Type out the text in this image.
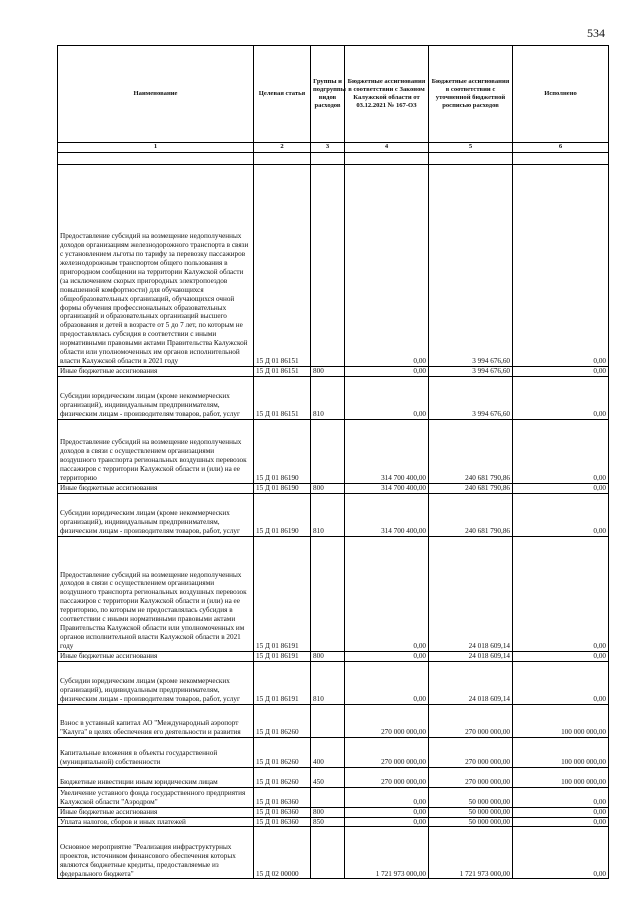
534
Наименование	Целевая статья	Группы и подгруппы видов расходов	Бюджетные ассигнования в соответствии с Законом Калужской области от 03.12.2021 № 167-ОЗ	Бюджетные ассигнования в соответствии с уточненной бюджетной росписью расходов	Исполнено
1	2	3	4	5	6

Предоставление субсидий на возмещение недополученных доходов организациям железнодорожного транспорта в связи с установлением льготы по тарифу за перевозку пассажиров железнодорожным транспортом общего пользования в пригородном сообщении на территории Калужской области (за исключением скорых пригородных электропоездов повышенной комфортности) для обучающихся общеобразовательных организаций, обучающихся очной формы обучения профессиональных образовательных организаций и образовательных организаций высшего образования и детей в возрасте от 5 до 7 лет, по которым не предоставлялась субсидия в соответствии с иными нормативными правовыми актами Правительства Калужской области или уполномоченных им органов исполнительной власти Калужской области в 2021 году	15 Д 01 86151		0,00	3 994 676,60	0,00
Иные бюджетные ассигнования	15 Д 01 86151	800	0,00	3 994 676,60	0,00
Субсидии юридическим лицам (кроме некоммерческих организаций), индивидуальным предпринимателям, физическим лицам - производителям товаров, работ, услуг	15 Д 01 86151	810	0,00	3 994 676,60	0,00
Предоставление субсидий на возмещение недополученных доходов в связи с осуществлением организациями воздушного транспорта региональных воздушных перевозок пассажиров с территории Калужской области и (или) на ее территорию	15 Д 01 86190		314 700 400,00	240 681 790,86	0,00
Иные бюджетные ассигнования	15 Д 01 86190	800	314 700 400,00	240 681 790,86	0,00
Субсидии юридическим лицам (кроме некоммерческих организаций), индивидуальным предпринимателям, физическим лицам - производителям товаров, работ, услуг	15 Д 01 86190	810	314 700 400,00	240 681 790,86	0,00
Предоставление субсидий на возмещение недополученных доходов в связи с осуществлением организациями воздушного транспорта региональных воздушных перевозок пассажиров с территории Калужской области и (или) на ее территорию, по которым не предоставлялась субсидия в соответствии с иными нормативными правовыми актами Правительства Калужской области или уполномоченных им органов исполнительной власти Калужской области в 2021 году	15 Д 01 86191		0,00	24 018 609,14	0,00
Иные бюджетные ассигнования	15 Д 01 86191	800	0,00	24 018 609,14	0,00
Субсидии юридическим лицам (кроме некоммерческих организаций), индивидуальным предпринимателям, физическим лицам - производителям товаров, работ, услуг	15 Д 01 86191	810	0,00	24 018 609,14	0,00
Взнос в уставный капитал АО "Международный аэропорт "Калуга" в целях обеспечения его деятельности и развития	15 Д 01 86260		270 000 000,00	270 000 000,00	100 000 000,00
Капитальные вложения в объекты государственной (муниципальной) собственности	15 Д 01 86260	400	270 000 000,00	270 000 000,00	100 000 000,00
Бюджетные инвестиции иным юридическим лицам	15 Д 01 86260	450	270 000 000,00	270 000 000,00	100 000 000,00
Увеличение уставного фонда государственного предприятия Калужской области "Аэродром"	15 Д 01 86360		0,00	50 000 000,00	0,00
Иные бюджетные ассигнования	15 Д 01 86360	800	0,00	50 000 000,00	0,00
Уплата налогов, сборов и иных платежей	15 Д 01 86360	850	0,00	50 000 000,00	0,00
Основное мероприятие "Реализация инфраструктурных проектов, источником финансового обеспечения которых являются бюджетные кредиты, предоставляемые из федерального бюджета"	15 Д 02 00000		1 721 973 000,00	1 721 973 000,00	0,00
